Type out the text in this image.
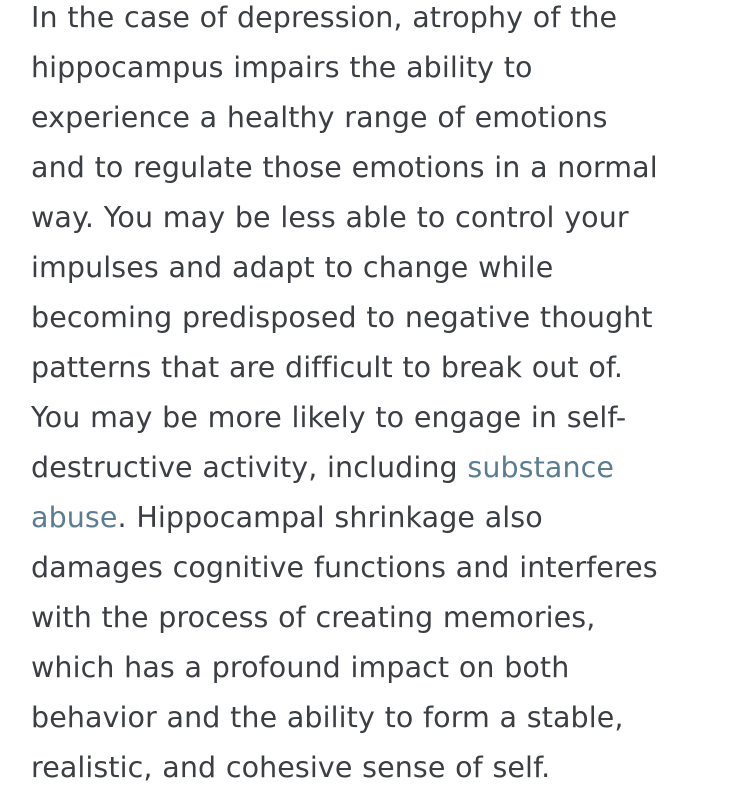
In the case of depression, atrophy of the
hippocampus impairs the ability to
experience a healthy range of emotions
and to regulate those emotions in a normal
way. You may be less able to control your
impulses and adapt to change while
becoming predisposed to negative thought
patterns that are difficult to break out of.
You may be more likely to engage in self-
destructive activity, including substance
abuse. Hippocampal shrinkage also
damages cognitive functions and interferes
with the process of creating memories,
which has a profound impact on both
behavior and the ability to form a stable,
realistic, and cohesive sense of self.
